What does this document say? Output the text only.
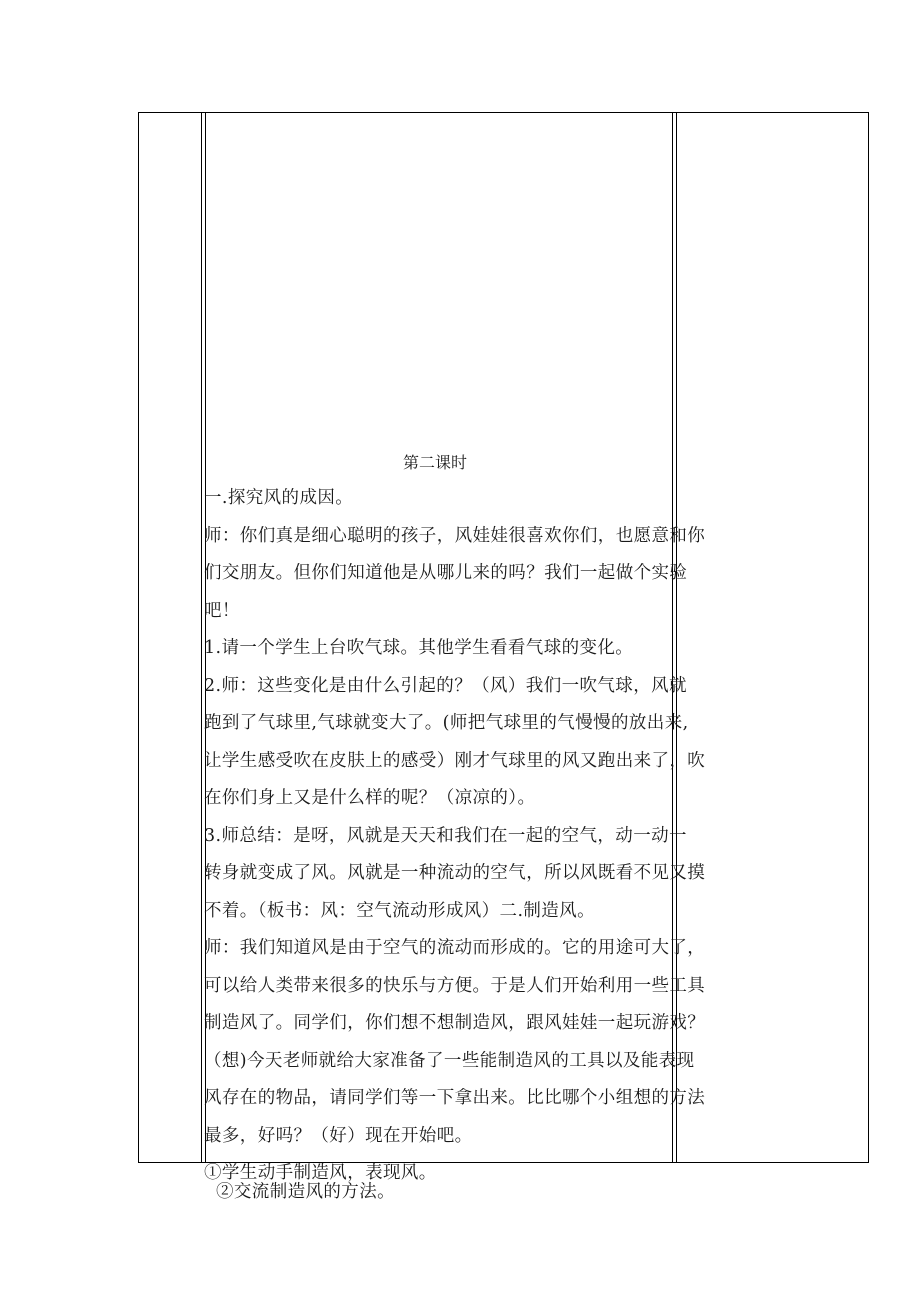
第二课时
一.探究风的成因。
师：你们真是细心聪明的孩子，风娃娃很喜欢你们，也愿意和你
们交朋友。但你们知道他是从哪儿来的吗？我们一起做个实验
吧！
1.请一个学生上台吹气球。其他学生看看气球的变化。
2.师：这些变化是由什么引起的？（风）我们一吹气球，风就
跑到了气球里,气球就变大了。(师把气球里的气慢慢的放出来,
让学生感受吹在皮肤上的感受）刚才气球里的风又跑出来了，吹
在你们身上又是什么样的呢？（凉凉的）。
3.师总结：是呀，风就是天天和我们在一起的空气，动一动一
转身就变成了风。风就是一种流动的空气，所以风既看不见又摸
不着。（板书：风：空气流动形成风）二.制造风。
师：我们知道风是由于空气的流动而形成的。它的用途可大了，
可以给人类带来很多的快乐与方便。于是人们开始利用一些工具
制造风了。同学们，你们想不想制造风，跟风娃娃一起玩游戏？
（想)今天老师就给大家准备了一些能制造风的工具以及能表现
风存在的物品，请同学们等一下拿出来。比比哪个小组想的方法
最多，好吗？（好）现在开始吧。
①学生动手制造风，表现风。
②交流制造风的方法。
